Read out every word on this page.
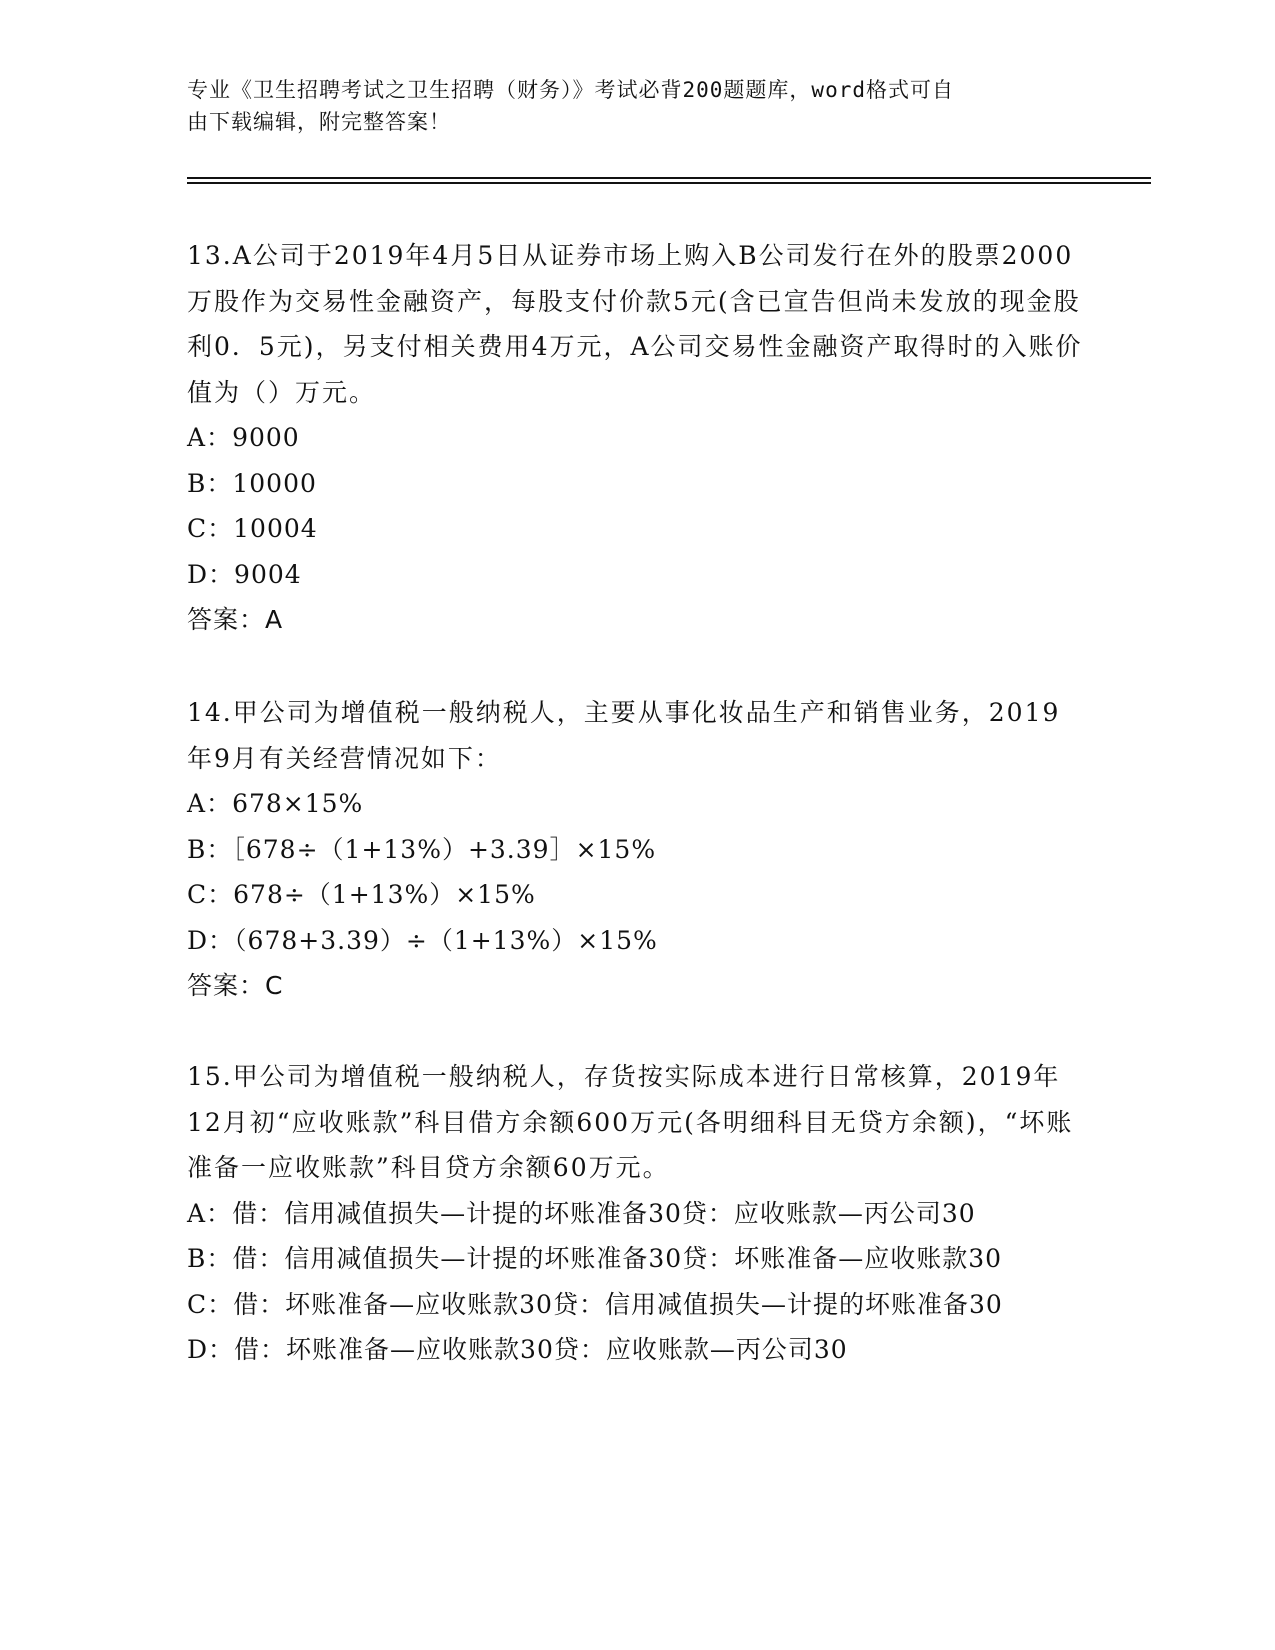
专业《卫生招聘考试之卫生招聘（财务）》考试必背200题题库，word格式可自
由下载编辑，附完整答案！

13.A公司于2019年4月5日从证券市场上购入B公司发行在外的股票2000万股作为交易性金融资产，每股支付价款5元(含已宣告但尚未发放的现金股利0．5元)，另支付相关费用4万元，A公司交易性金融资产取得时的入账价值为（）万元。

A：9000
B：10000
C：10004
D：9004
答案：A

14.甲公司为增值税一般纳税人，主要从事化妆品生产和销售业务，2019年9月有关经营情况如下：

A：678×15%
B：［678÷（1+13%）+3.39］×15%
C：678÷（1+13%）×15%
D：（678+3.39）÷（1+13%）×15%
答案：C

15.甲公司为增值税一般纳税人，存货按实际成本进行日常核算，2019年12月初“应收账款”科目借方余额600万元(各明细科目无贷方余额)，“坏账准备一应收账款”科目贷方余额60万元。

A：借：信用减值损失—计提的坏账准备30贷：应收账款—丙公司30
B：借：信用减值损失—计提的坏账准备30贷：坏账准备—应收账款30
C：借：坏账准备—应收账款30贷：信用减值损失—计提的坏账准备30
D：借：坏账准备—应收账款30贷：应收账款—丙公司30
